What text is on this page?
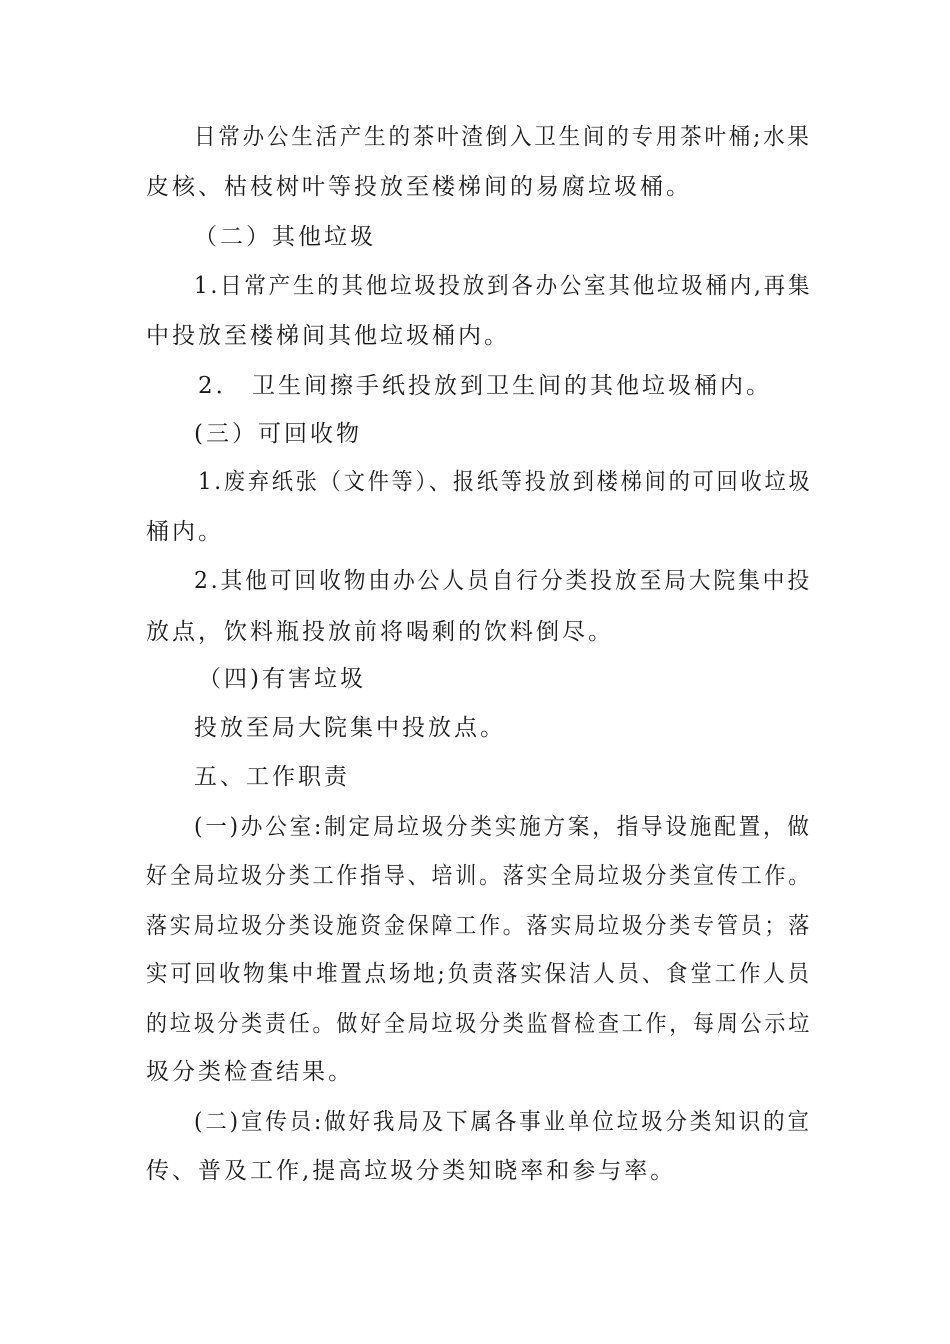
日常办公生活产生的茶叶渣倒入卫生间的专用茶叶桶;水果
皮核、枯枝树叶等投放至楼梯间的易腐垃圾桶。
（二）其他垃圾
1.日常产生的其他垃圾投放到各办公室其他垃圾桶内,再集
中投放至楼梯间其他垃圾桶内。
2． 卫生间擦手纸投放到卫生间的其他垃圾桶内。
(三）可回收物
1.废弃纸张（文件等）、报纸等投放到楼梯间的可回收垃圾
桶内。
2.其他可回收物由办公人员自行分类投放至局大院集中投
放点，饮料瓶投放前将喝剩的饮料倒尽。
（四)有害垃圾
投放至局大院集中投放点。
五、工作职责
(一)办公室:制定局垃圾分类实施方案，指导设施配置，做
好全局垃圾分类工作指导、培训。落实全局垃圾分类宣传工作。
落实局垃圾分类设施资金保障工作。落实局垃圾分类专管员；落
实可回收物集中堆置点场地;负责落实保洁人员、食堂工作人员
的垃圾分类责任。做好全局垃圾分类监督检查工作，每周公示垃
圾分类检查结果。
(二)宣传员:做好我局及下属各事业单位垃圾分类知识的宣
传、普及工作,提高垃圾分类知晓率和参与率。
